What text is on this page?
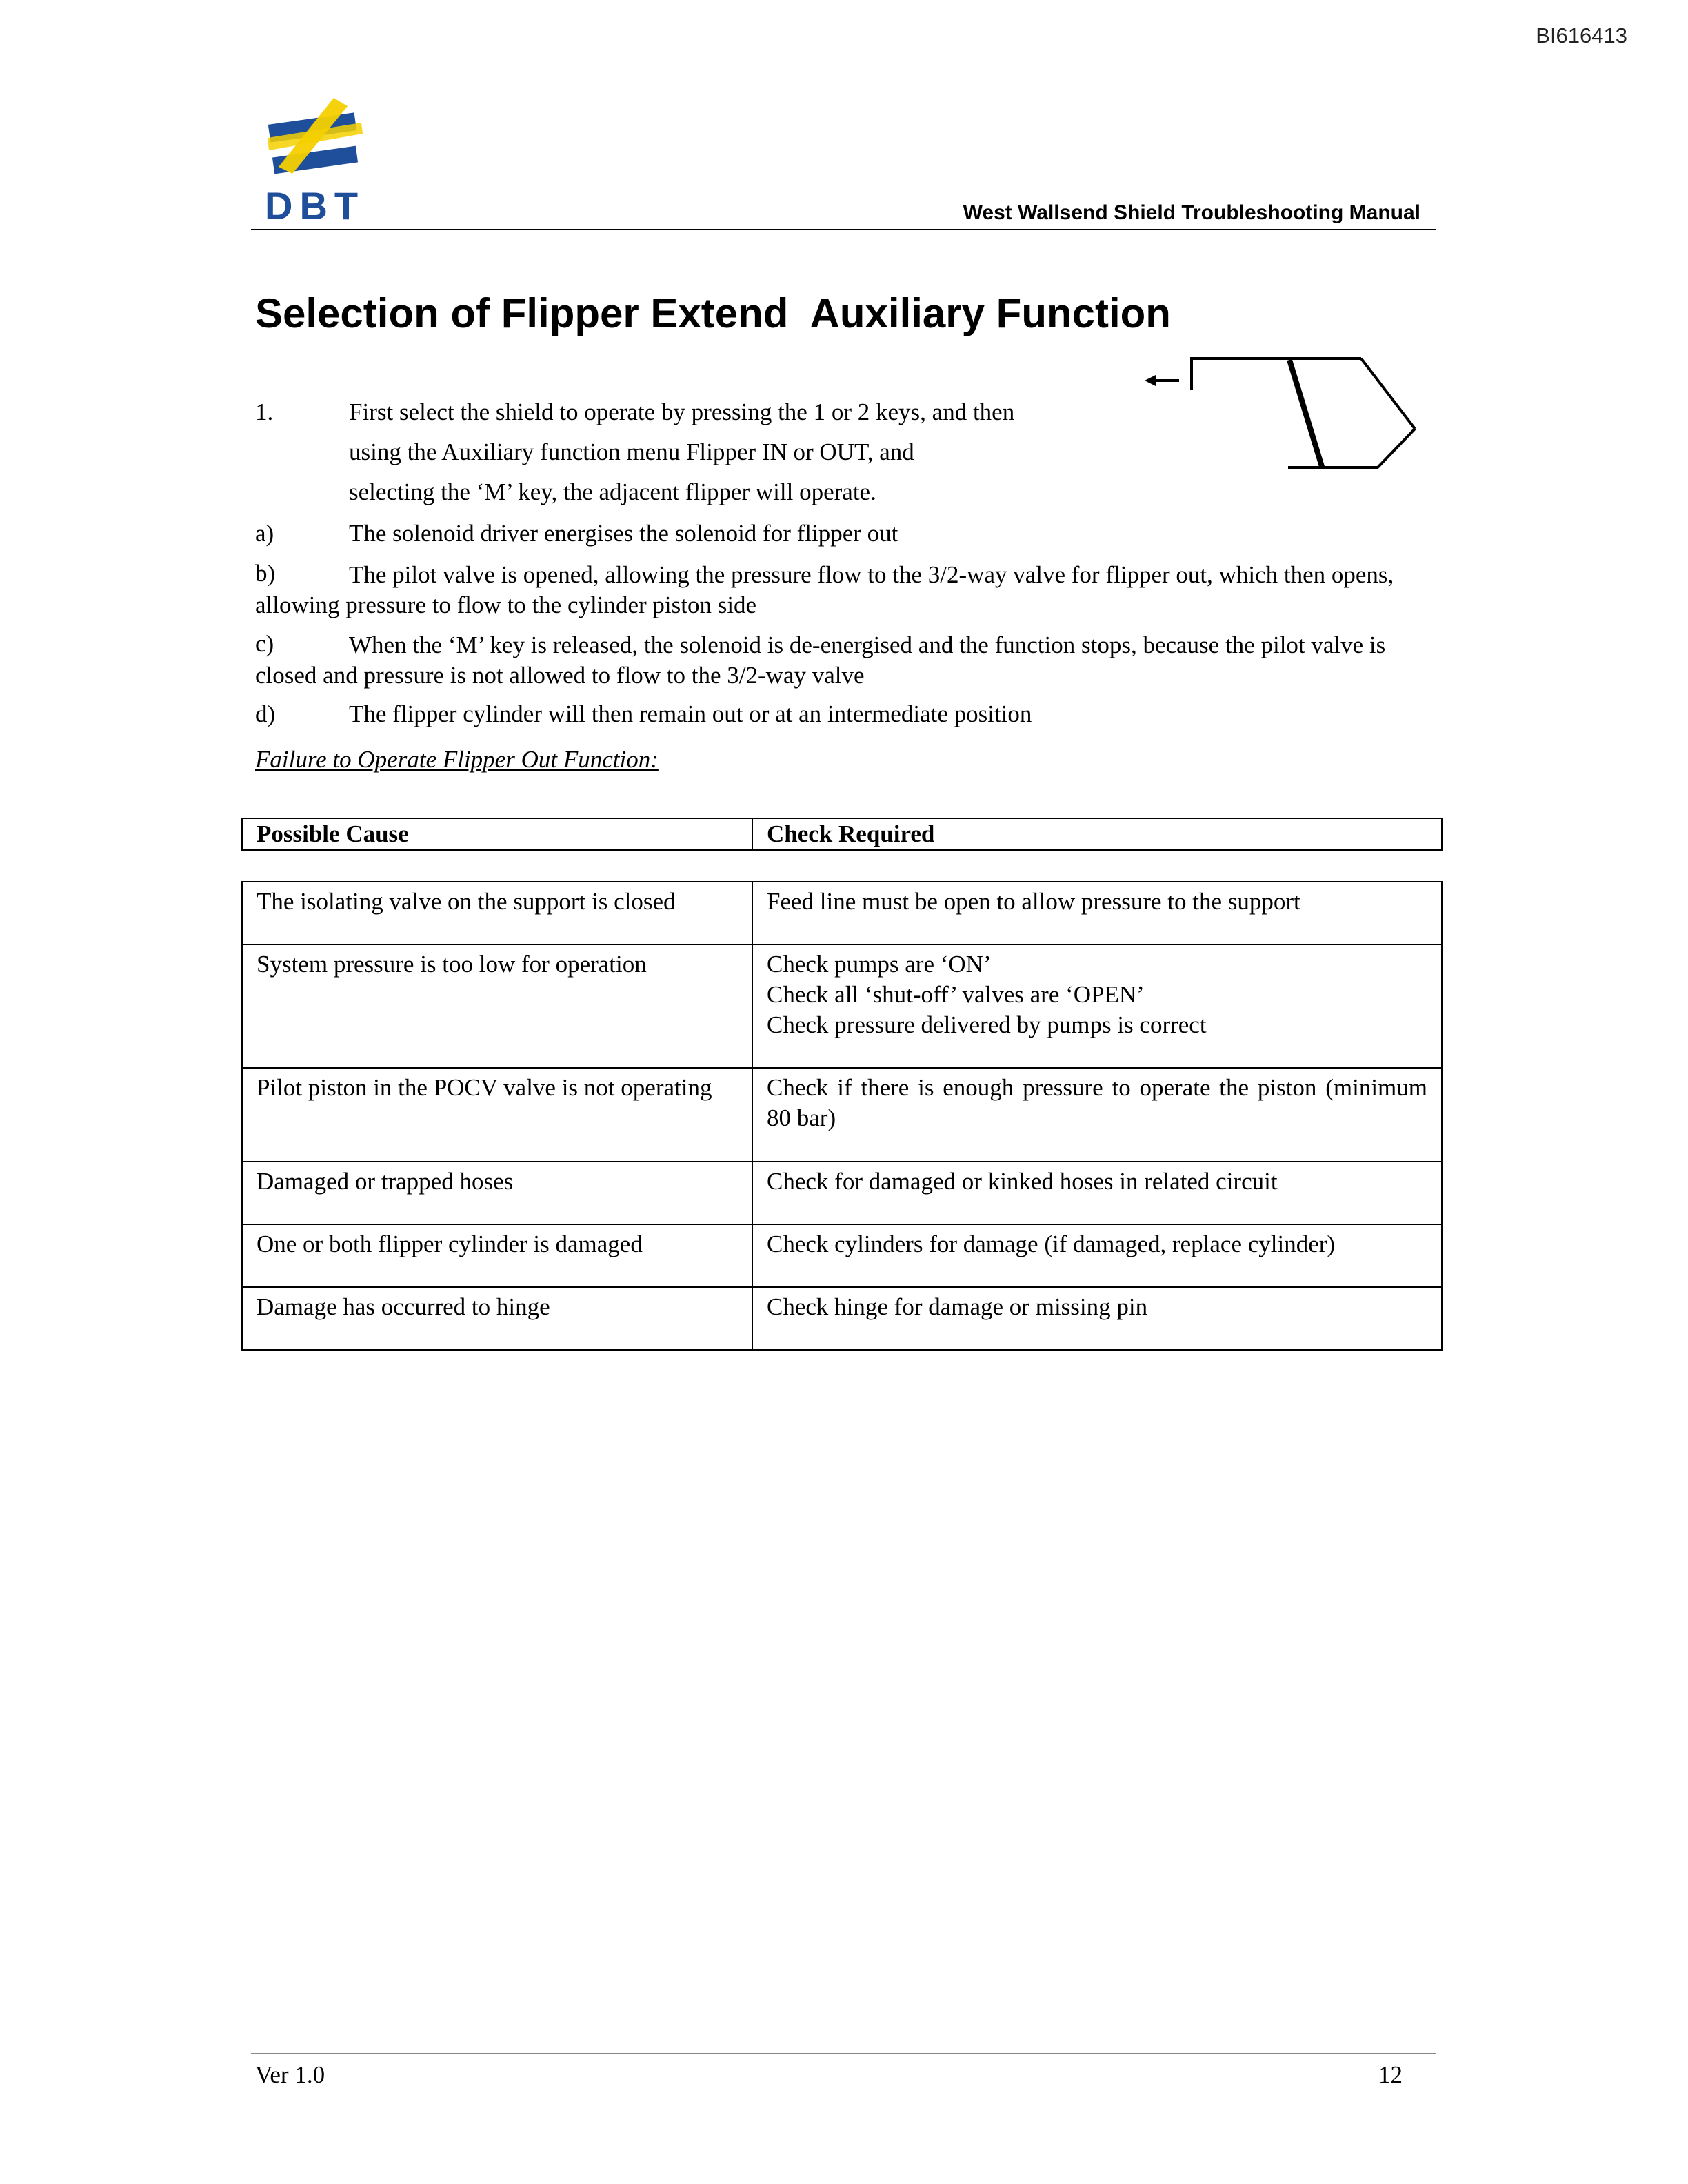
BI616413
DBT	West Wallsend Shield Troubleshooting Manual
Selection of Flipper Extend  Auxiliary Function
1.	First select the shield to operate by pressing the 1 or 2 keys, and then
using the Auxiliary function menu Flipper IN or OUT, and
selecting the ‘M’ key, the adjacent flipper will operate.
a)	The solenoid driver energises the solenoid for flipper out
b)	The pilot valve is opened, allowing the pressure flow to the 3/2-way valve for flipper out, which then opens, allowing pressure to flow to the cylinder piston side
c)	When the ‘M’ key is released, the solenoid is de-energised and the function stops, because the pilot valve is closed and pressure is not allowed to flow to the 3/2-way valve
d)	The flipper cylinder will then remain out or at an intermediate position
Failure to Operate Flipper Out Function:
Possible Cause	Check Required
The isolating valve on the support is closed	Feed line must be open to allow pressure to the support

System pressure is too low for operation	Check pumps are ‘ON’
Check all ‘shut-off’ valves are ‘OPEN’
Check pressure delivered by pumps is correct

Pilot piston in the POCV valve is not operating	Check if there is enough pressure to operate the piston (minimum 80 bar)

Damaged or trapped hoses	Check for damaged or kinked hoses in related circuit

One or both flipper cylinder is damaged	Check cylinders for damage (if damaged, replace cylinder)

Damage has occurred to hinge	Check hinge for damage or missing pin
Ver 1.0	12
